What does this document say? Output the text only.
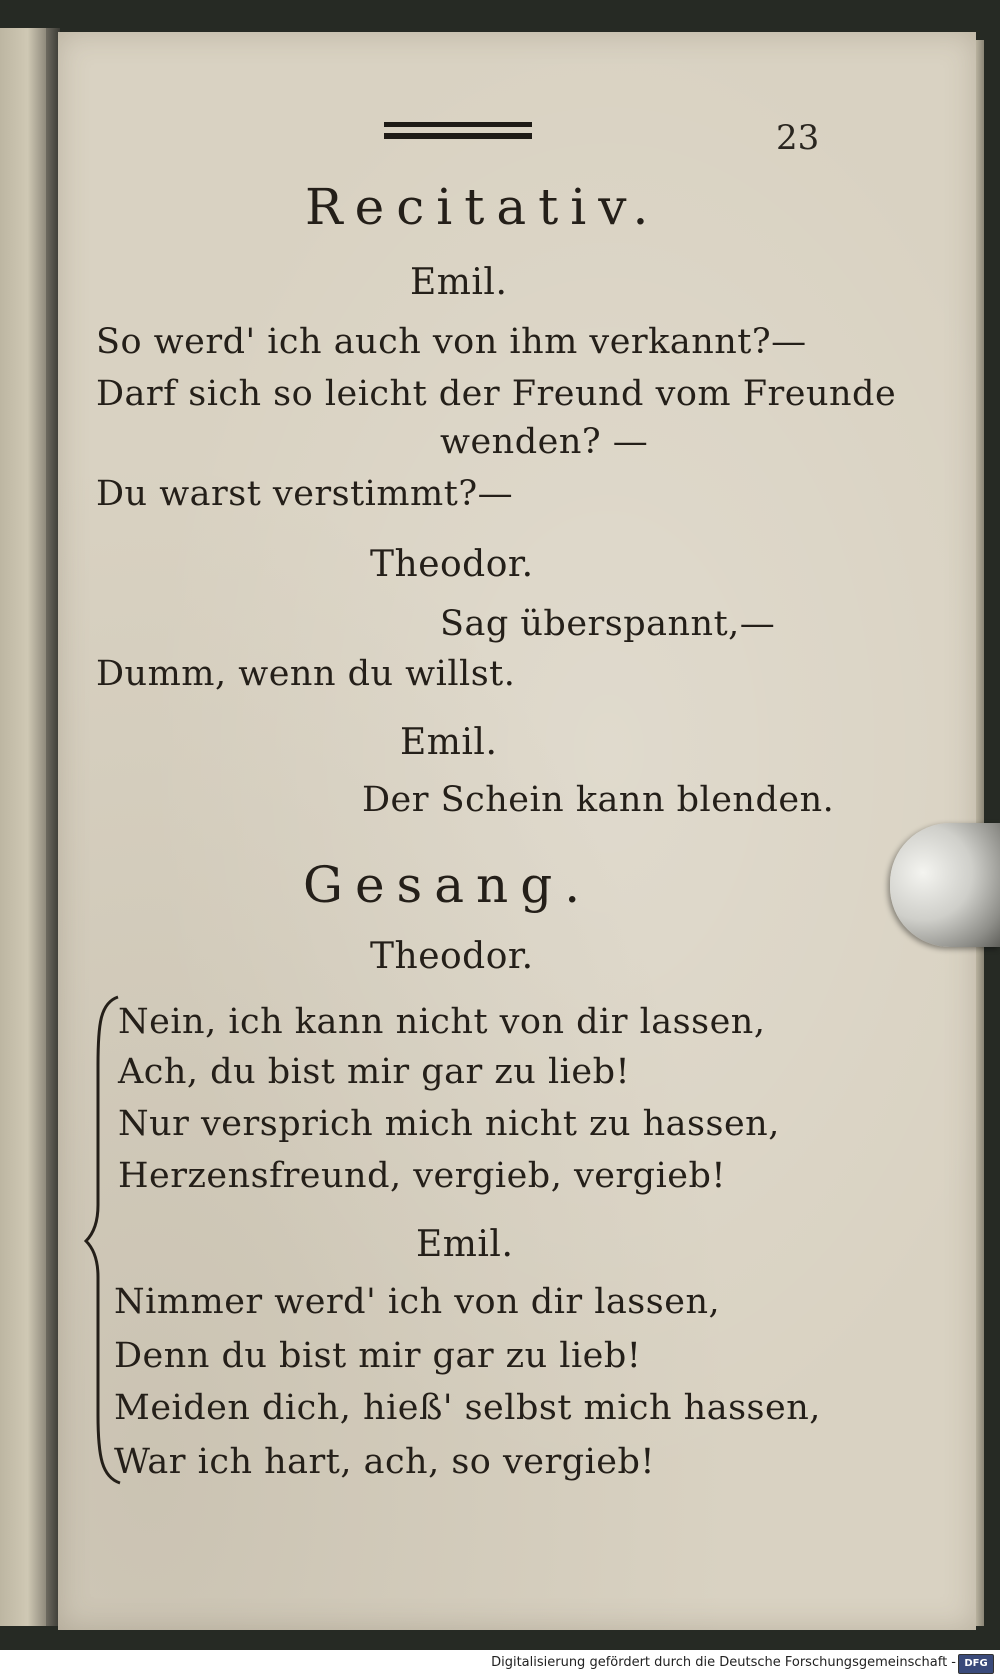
23
Recitativ.
Emil.
So werd' ich auch von ihm verkannt?—
Darf sich so leicht der Freund vom Freunde
wenden? —
Du warst verstimmt?—
Theodor.
Sag überspannt,—
Dumm, wenn du willst.
Emil.
Der Schein kann blenden.
Gesang.
Theodor.
Nein, ich kann nicht von dir lassen,
Ach, du bist mir gar zu lieb!
Nur versprich mich nicht zu hassen,
Herzensfreund, vergieb, vergieb!
Emil.
Nimmer werd' ich von dir lassen,
Denn du bist mir gar zu lieb!
Meiden dich, hieß' selbst mich hassen,
War ich hart, ach, so vergieb!
Digitalisierung gefördert durch die Deutsche Forschungsgemeinschaft - DFG
